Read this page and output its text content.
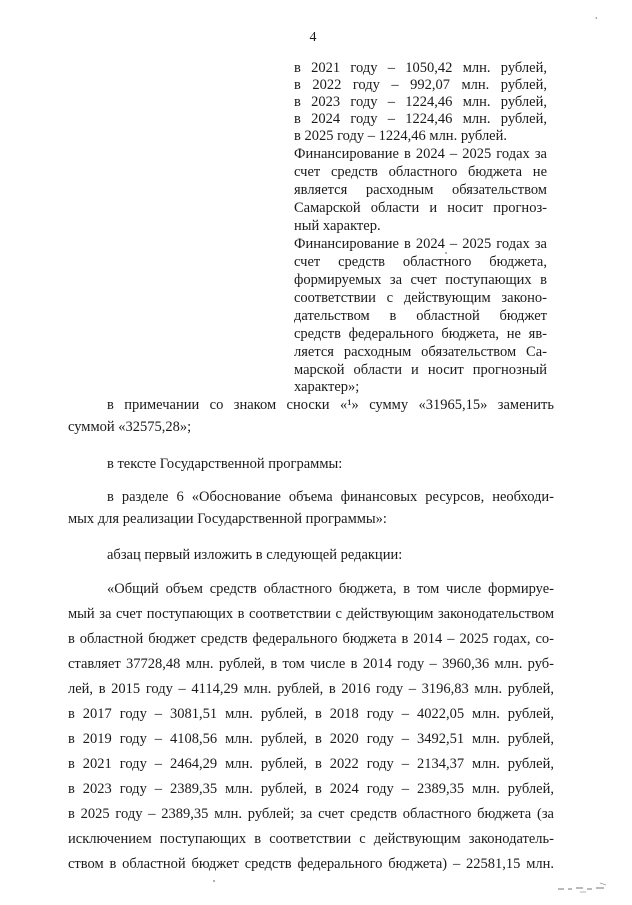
ˈ
4
в 2021 году – 1050,42 млн. рублей,
в 2022 году – 992,07 млн. рублей,
в 2023 году – 1224,46 млн. рублей,
в 2024 году – 1224,46 млн. рублей,
в 2025 году – 1224,46 млн. рублей.
Финансирование в 2024 – 2025 годах за
счет средств областного бюджета не
является расходным обязательством
Самарской области и носит прогноз-
ный характер.
Финансирование в 2024 – 2025 годах за
счет средств областного бюджета,
формируемых за счет поступающих в
соответствии с действующим законо-
дательством в областной бюджет
средств федерального бюджета, не яв-
ляется расходным обязательством Са-
марской области и носит прогнозный
характер»;
в примечании со знаком сноски «¹» сумму «31965,15» заменить
суммой «32575,28»;
в тексте Государственной программы:
в разделе 6 «Обоснование объема финансовых ресурсов, необходи-
мых для реализации Государственной программы»:
абзац первый изложить в следующей редакции:
«Общий объем средств областного бюджета, в том числе формируе-
мый за счет поступающих в соответствии с действующим законодательством
в областной бюджет средств федерального бюджета в 2014 – 2025 годах, со-
ставляет 37728,48 млн. рублей, в том числе в 2014 году – 3960,36 млн. руб-
лей, в 2015 году – 4114,29 млн. рублей, в 2016 году – 3196,83 млн. рублей,
в 2017 году – 3081,51 млн. рублей, в 2018 году – 4022,05 млн. рублей,
в 2019 году – 4108,56 млн. рублей, в 2020 году – 3492,51 млн. рублей,
в 2021 году – 2464,29 млн. рублей, в 2022 году – 2134,37 млн. рублей,
в 2023 году – 2389,35 млн. рублей, в 2024 году – 2389,35 млн. рублей,
в 2025 году – 2389,35 млн. рублей; за счет средств областного бюджета (за
исключением поступающих в соответствии с действующим законодатель-
ством в областной бюджет средств федерального бюджета) – 22581,15 млн.
